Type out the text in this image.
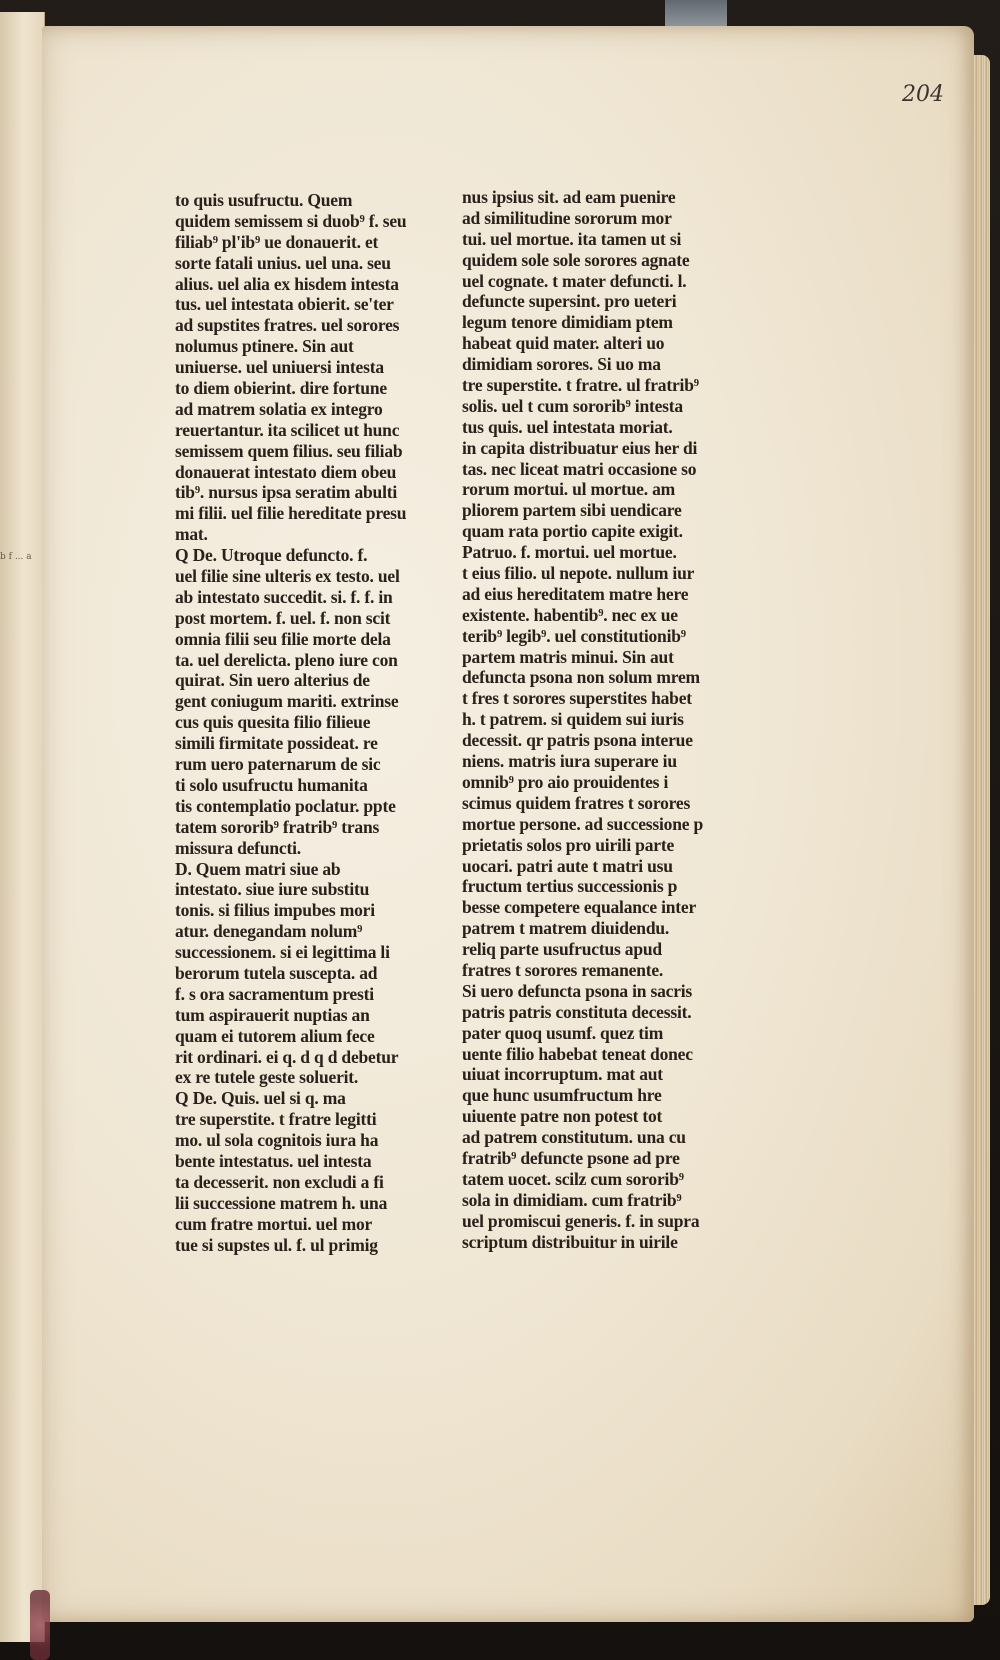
b f ... a
204
to quis usufructu. Quem
quidem semissem si duob⁹ f. seu
filiab⁹ pl'ib⁹ ue donauerit. et
sorte fatali unius. uel una. seu
alius. uel alia ex hisdem intesta
tus. uel intestata obierit. se'ter
ad supstites fratres. uel sorores
nolumus ptinere. Sin aut
uniuerse. uel uniuersi intesta
to diem obierint. dire fortune
ad matrem solatia ex integro
reuertantur. ita scilicet ut hunc
semissem quem filius. seu filiab
donauerat intestato diem obeu
tib⁹. nursus ipsa seratim abulti
mi filii. uel filie hereditate presu
mat.
Q De. Utroque defuncto. f.
uel filie sine ulteris ex testo. uel
ab intestato succedit. si. f. f. in
post mortem. f. uel. f. non scit
omnia filii seu filie morte dela
ta. uel derelicta. pleno iure con
quirat. Sin uero alterius de
gent coniugum mariti. extrinse
cus quis quesita filio filieue
simili firmitate possideat. re
rum uero paternarum de sic
ti solo usufructu humanita
tis contemplatio poclatur. ppte
tatem sororib⁹ fratrib⁹ trans
missura defuncti.
D. Quem matri siue ab
intestato. siue iure substitu
tonis. si filius impubes mori
atur. denegandam nolum⁹
successionem. si ei legittima li
berorum tutela suscepta. ad
f. s ora sacramentum presti
tum aspirauerit nuptias an
quam ei tutorem alium fece
rit ordinari. ei q. d q d debetur
ex re tutele geste soluerit.
Q De. Quis. uel si q. ma
tre superstite. t fratre legitti
mo. ul sola cognitois iura ha
bente intestatus. uel intesta
ta decesserit. non excludi a fi
lii successione matrem h. una
cum fratre mortui. uel mor
tue si supstes ul. f. ul primig
nus ipsius sit. ad eam puenire
ad similitudine sororum mor
tui. uel mortue. ita tamen ut si
quidem sole sole sorores agnate
uel cognate. t mater defuncti. l.
defuncte supersint. pro ueteri
legum tenore dimidiam ptem
habeat quid mater. alteri uo
dimidiam sorores. Si uo ma
tre superstite. t fratre. ul fratrib⁹
solis. uel t cum sororib⁹ intesta
tus quis. uel intestata moriat.
in capita distribuatur eius her di
tas. nec liceat matri occasione so
rorum mortui. ul mortue. am
pliorem partem sibi uendicare
quam rata portio capite exigit.
Patruo. f. mortui. uel mortue.
t eius filio. ul nepote. nullum iur
ad eius hereditatem matre here
existente. habentib⁹. nec ex ue
terib⁹ legib⁹. uel constitutionib⁹
partem matris minui. Sin aut
defuncta psona non solum mrem
t fres t sorores superstites habet
h. t patrem. si quidem sui iuris
decessit. qr patris psona interue
niens. matris iura superare iu
omnib⁹ pro aio prouidentes i
scimus quidem fratres t sorores
mortue persone. ad successione p
prietatis solos pro uirili parte
uocari. patri aute t matri usu
fructum tertius successionis p
besse competere equalance inter
patrem t matrem diuidendu.
reliq parte usufructus apud
fratres t sorores remanente.
Si uero defuncta psona in sacris
patris patris constituta decessit.
pater quoq usumf. quez tim
uente filio habebat teneat donec
uiuat incorruptum. mat aut
que hunc usumfructum hre
uiuente patre non potest tot
ad patrem constitutum. una cu
fratrib⁹ defuncte psone ad pre
tatem uocet. scilz cum sororib⁹
sola in dimidiam. cum fratrib⁹
uel promiscui generis. f. in supra
scriptum distribuitur in uirile
